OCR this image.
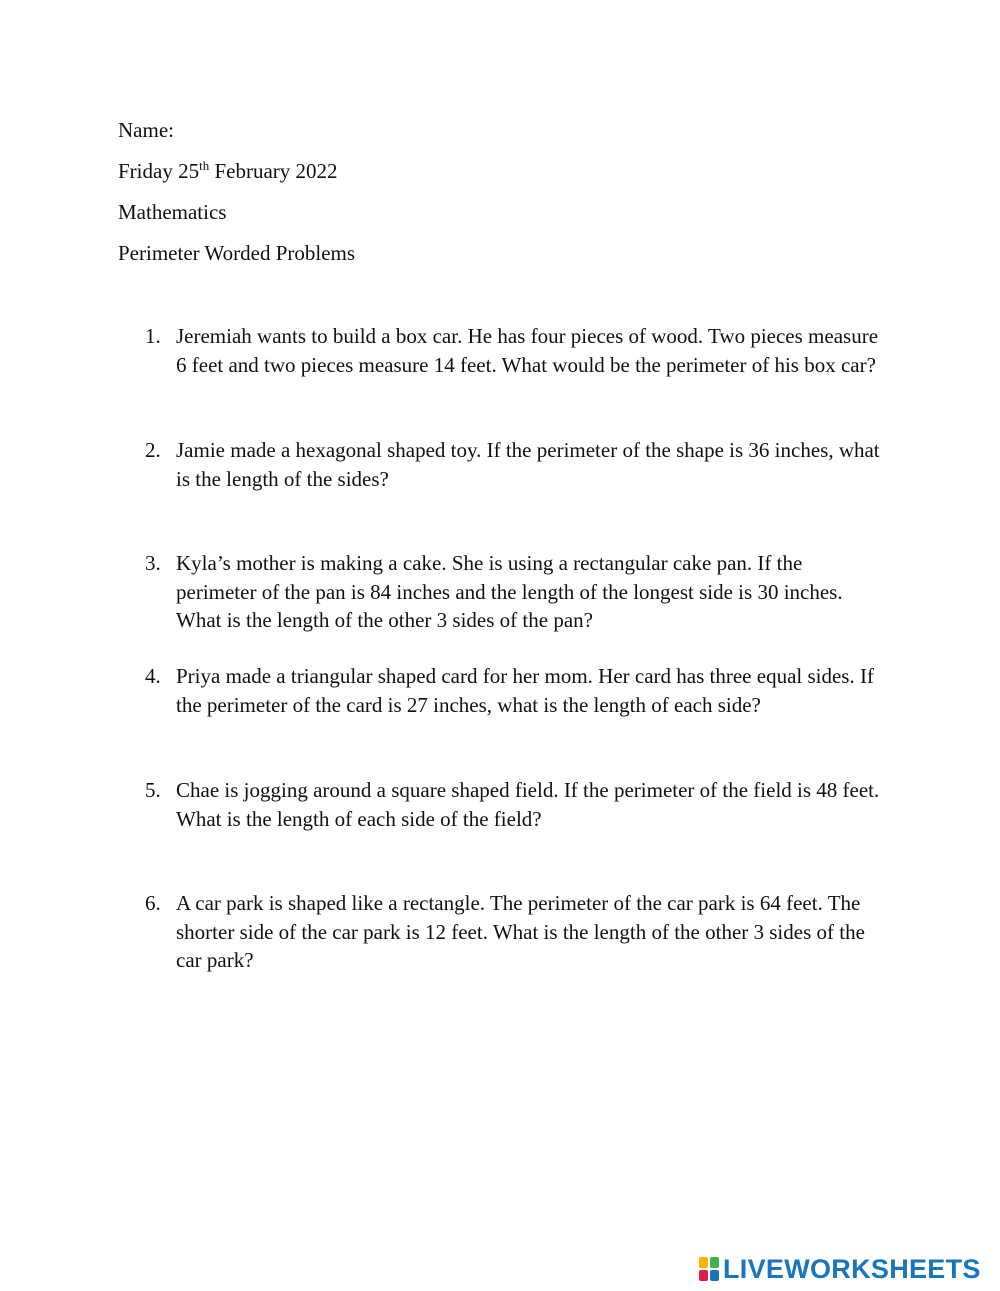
Name:
Friday 25th February 2022
Mathematics
Perimeter Worded Problems
1. Jeremiah wants to build a box car. He has four pieces of wood. Two pieces measure 6 feet and two pieces measure 14 feet. What would be the perimeter of his box car?
2. Jamie made a hexagonal shaped toy. If the perimeter of the shape is 36 inches, what is the length of the sides?
3. Kyla’s mother is making a cake. She is using a rectangular cake pan. If the perimeter of the pan is 84 inches and the length of the longest side is 30 inches. What is the length of the other 3 sides of the pan?
4. Priya made a triangular shaped card for her mom. Her card has three equal sides. If the perimeter of the card is 27 inches, what is the length of each side?
5. Chae is jogging around a square shaped field. If the perimeter of the field is 48 feet. What is the length of each side of the field?
6. A car park is shaped like a rectangle. The perimeter of the car park is 64 feet. The shorter side of the car park is 12 feet. What is the length of the other 3 sides of the car park?
LIVEWORKSHEETS
